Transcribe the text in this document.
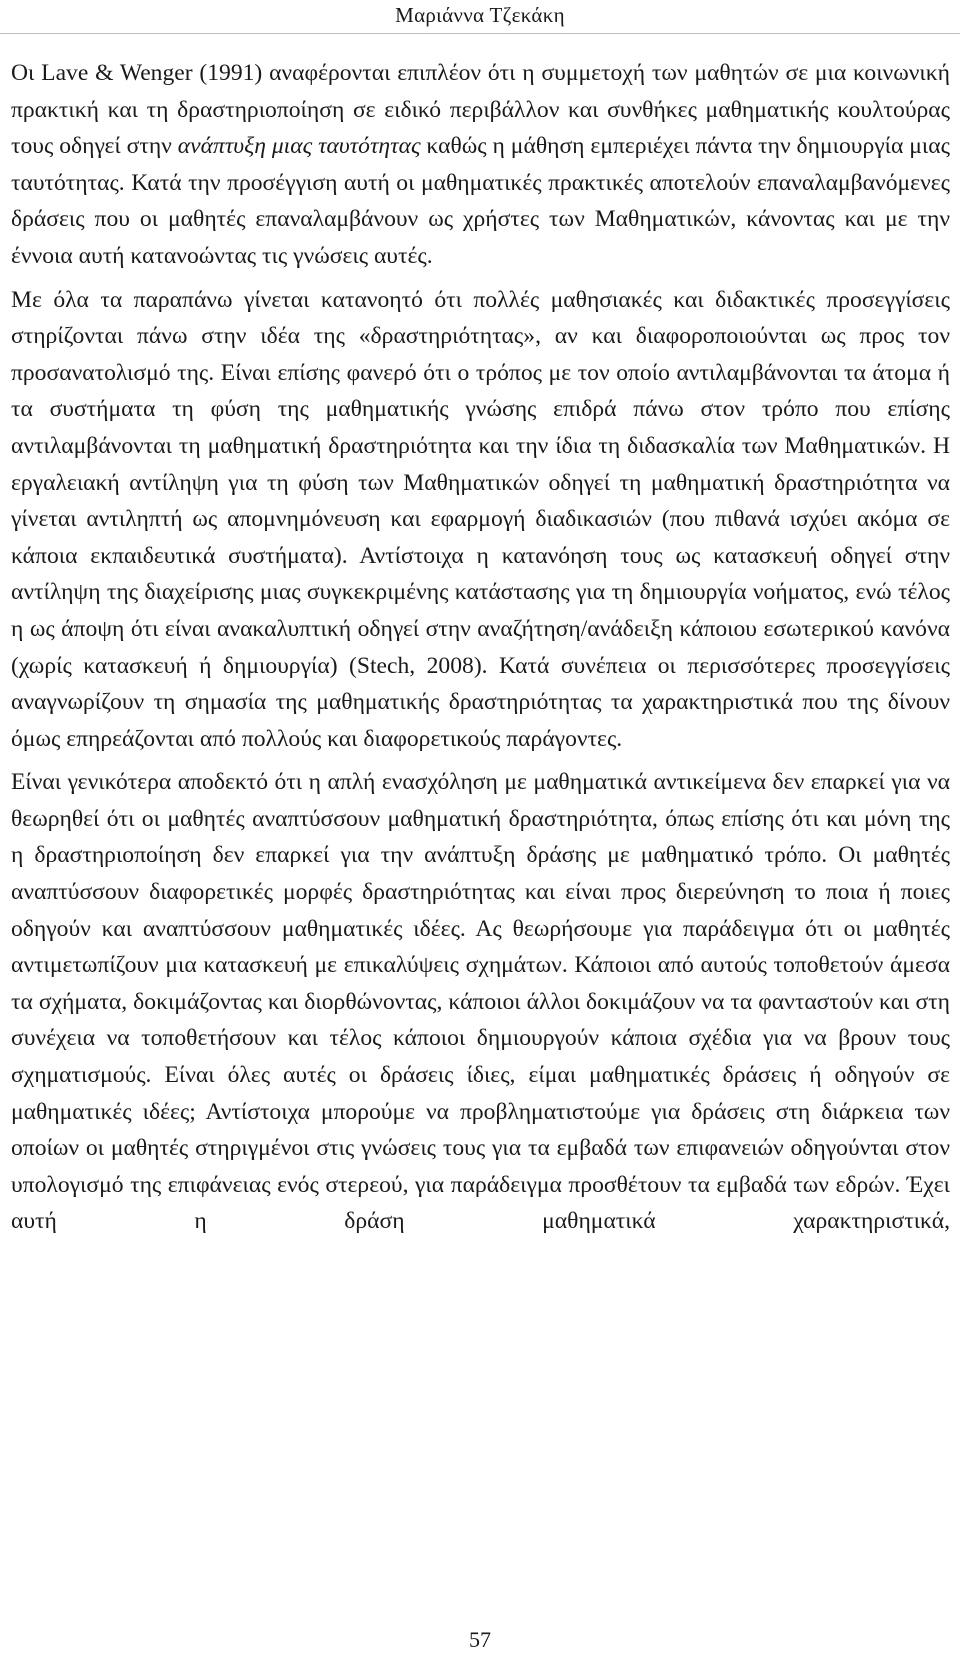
Μαριάννα Τζεκάκη

Οι Lave & Wenger (1991) αναφέρονται επιπλέον ότι η συμμετοχή των μαθητών σε μια κοινωνική πρακτική και τη δραστηριοποίηση σε ειδικό περιβάλλον και συνθήκες μαθηματικής κουλτούρας τους οδηγεί στην ανάπτυξη μιας ταυτότητας καθώς η μάθηση εμπεριέχει πάντα την δημιουργία μιας ταυτότητας. Κατά την προσέγγιση αυτή οι μαθηματικές πρακτικές αποτελούν επαναλαμβανόμενες δράσεις που οι μαθητές επαναλαμβάνουν ως χρήστες των Μαθηματικών, κάνοντας και με την έννοια αυτή κατανοώντας τις γνώσεις αυτές.

Με όλα τα παραπάνω γίνεται κατανοητό ότι πολλές μαθησιακές και διδακτικές προσεγγίσεις στηρίζονται πάνω στην ιδέα της «δραστηριότητας», αν και διαφοροποιούνται ως προς τον προσανατολισμό της. Είναι επίσης φανερό ότι ο τρόπος με τον οποίο αντιλαμβάνονται τα άτομα ή τα συστήματα τη φύση της μαθηματικής γνώσης επιδρά πάνω στον τρόπο που επίσης αντιλαμβάνονται τη μαθηματική δραστηριότητα και την ίδια τη διδασκαλία των Μαθηματικών. Η εργαλειακή αντίληψη για τη φύση των Μαθηματικών οδηγεί τη μαθηματική δραστηριότητα να γίνεται αντιληπτή ως απομνημόνευση και εφαρμογή διαδικασιών (που πιθανά ισχύει ακόμα σε κάποια εκπαιδευτικά συστήματα). Αντίστοιχα η κατανόηση τους ως κατασκευή οδηγεί στην αντίληψη της διαχείρισης μιας συγκεκριμένης κατάστασης για τη δημιουργία νοήματος, ενώ τέλος η ως άποψη ότι είναι ανακαλυπτική οδηγεί στην αναζήτηση/ανάδειξη κάποιου εσωτερικού κανόνα (χωρίς κατασκευή ή δημιουργία) (Stech, 2008). Κατά συνέπεια οι περισσότερες προσεγγίσεις αναγνωρίζουν τη σημασία της μαθηματικής δραστηριότητας τα χαρακτηριστικά που της δίνουν όμως επηρεάζονται από πολλούς και διαφορετικούς παράγοντες.

Είναι γενικότερα αποδεκτό ότι η απλή ενασχόληση με μαθηματικά αντικείμενα δεν επαρκεί για να θεωρηθεί ότι οι μαθητές αναπτύσσουν μαθηματική δραστηριότητα, όπως επίσης ότι και μόνη της η δραστηριοποίηση δεν επαρκεί για την ανάπτυξη δράσης με μαθηματικό τρόπο. Οι μαθητές αναπτύσσουν διαφορετικές μορφές δραστηριότητας και είναι προς διερεύνηση το ποια ή ποιες οδηγούν και αναπτύσσουν μαθηματικές ιδέες. Ας θεωρήσουμε για παράδειγμα ότι οι μαθητές αντιμετωπίζουν μια κατασκευή με επικαλύψεις σχημάτων. Κάποιοι από αυτούς τοποθετούν άμεσα τα σχήματα, δοκιμάζοντας και διορθώνοντας, κάποιοι άλλοι δοκιμάζουν να τα φανταστούν και στη συνέχεια να τοποθετήσουν και τέλος κάποιοι δημιουργούν κάποια σχέδια για να βρουν τους σχηματισμούς. Είναι όλες αυτές οι δράσεις ίδιες, είμαι μαθηματικές δράσεις ή οδηγούν σε μαθηματικές ιδέες; Αντίστοιχα μπορούμε να προβληματιστούμε για δράσεις στη διάρκεια των οποίων οι μαθητές στηριγμένοι στις γνώσεις τους για τα εμβαδά των επιφανειών οδηγούνται στον υπολογισμό της επιφάνειας ενός στερεού, για παράδειγμα προσθέτουν τα εμβαδά των εδρών. Έχει αυτή η δράση μαθηματικά χαρακτηριστικά,

57
